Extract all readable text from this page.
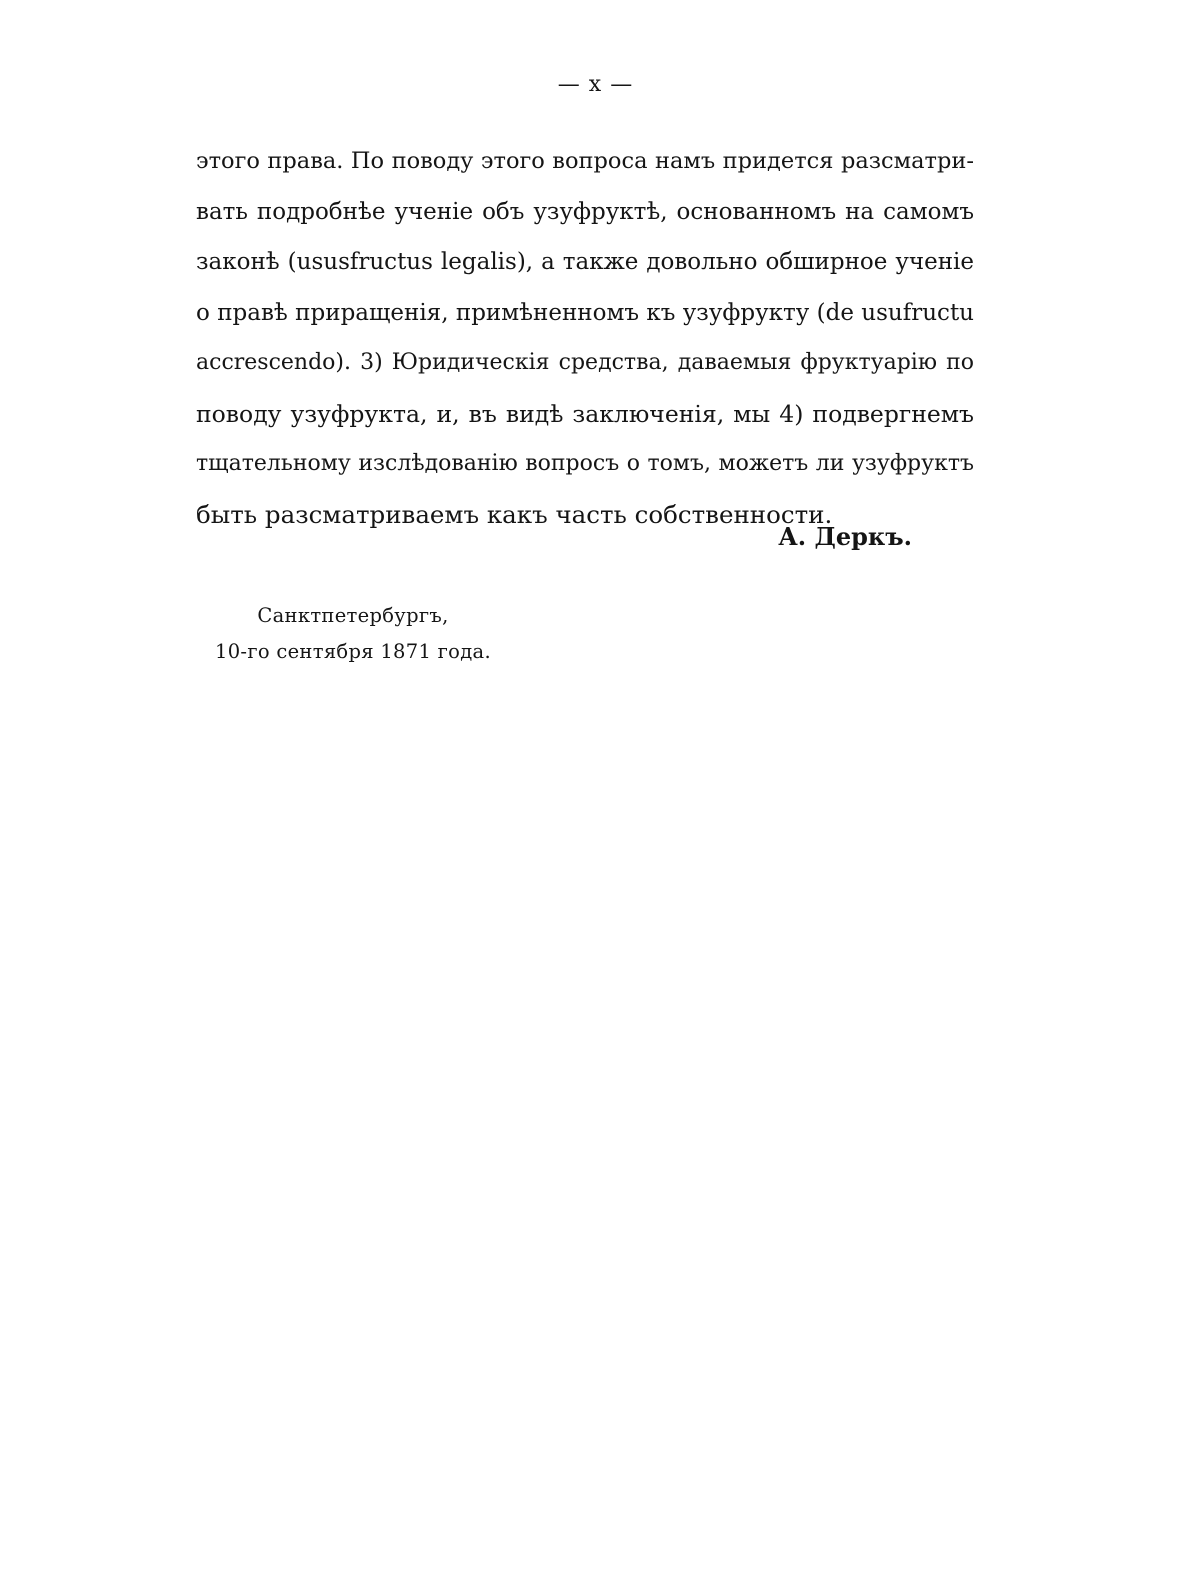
— x —
этого права. По поводу этого вопроса намъ придется разсматри-
вать подробнѣе ученіе объ узуфруктѣ, основанномъ на самомъ
законѣ (ususfructus legalis), а также довольно обширное ученіе
о правѣ приращенія, примѣненномъ къ узуфрукту (de usufructu
accrescendo). 3) Юридическія средства, даваемыя фруктуарію по
поводу узуфрукта, и, въ видѣ заключенія, мы 4) подвергнемъ
тщательному изслѣдованію вопросъ о томъ, можетъ ли узуфруктъ
быть разсматриваемъ какъ часть собственности.
А. Деркъ.
Санктпетербургъ,
10-го сентября 1871 года.
